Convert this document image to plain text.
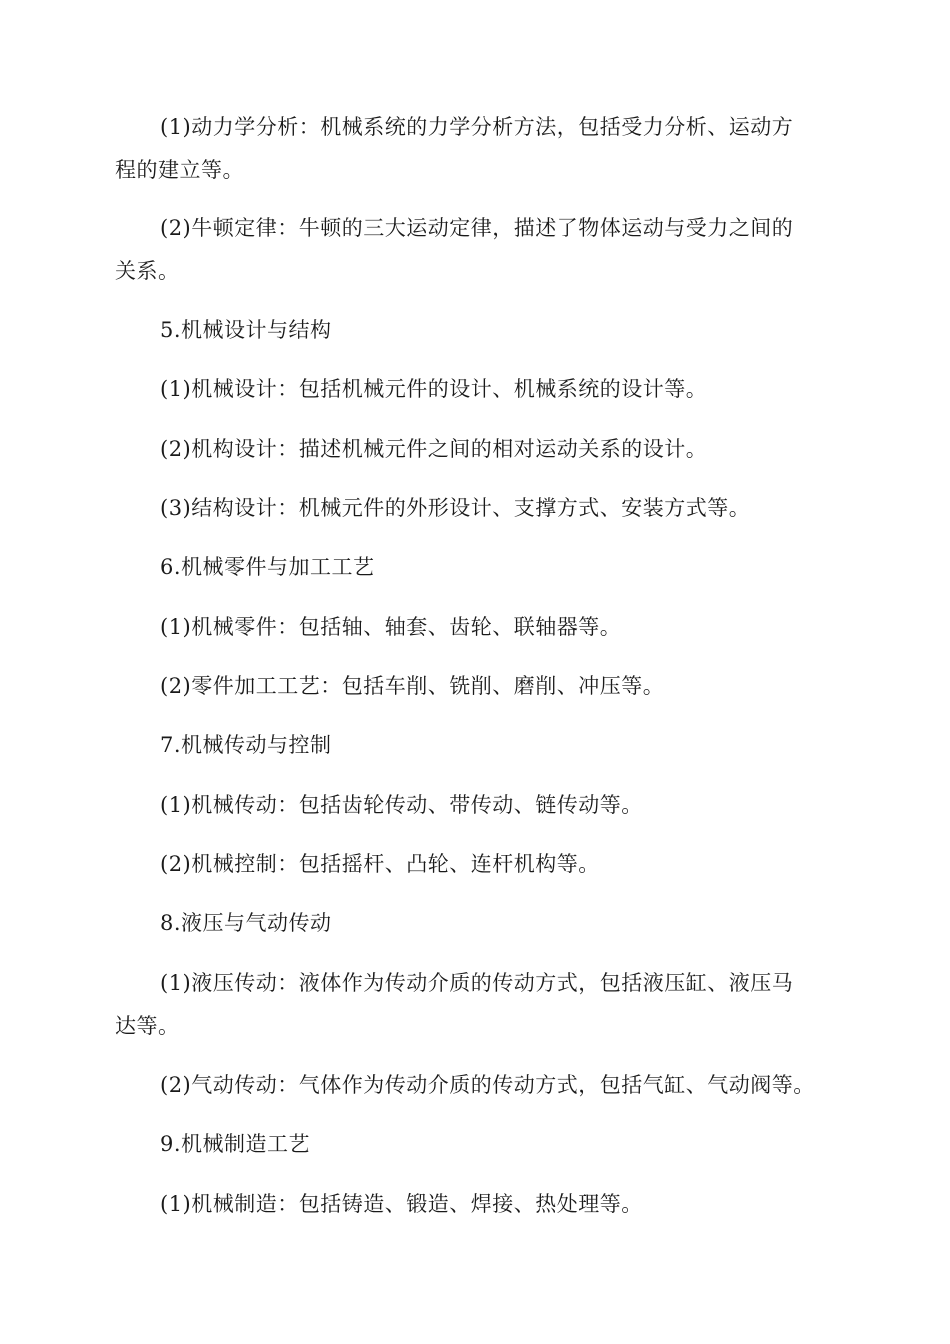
(1)动力学分析：机械系统的力学分析方法，包括受力分析、运动方
程的建立等。
(2)牛顿定律：牛顿的三大运动定律，描述了物体运动与受力之间的
关系。
5.机械设计与结构
(1)机械设计：包括机械元件的设计、机械系统的设计等。
(2)机构设计：描述机械元件之间的相对运动关系的设计。
(3)结构设计：机械元件的外形设计、支撑方式、安装方式等。
6.机械零件与加工工艺
(1)机械零件：包括轴、轴套、齿轮、联轴器等。
(2)零件加工工艺：包括车削、铣削、磨削、冲压等。
7.机械传动与控制
(1)机械传动：包括齿轮传动、带传动、链传动等。
(2)机械控制：包括摇杆、凸轮、连杆机构等。
8.液压与气动传动
(1)液压传动：液体作为传动介质的传动方式，包括液压缸、液压马
达等。
(2)气动传动：气体作为传动介质的传动方式，包括气缸、气动阀等。
9.机械制造工艺
(1)机械制造：包括铸造、锻造、焊接、热处理等。
